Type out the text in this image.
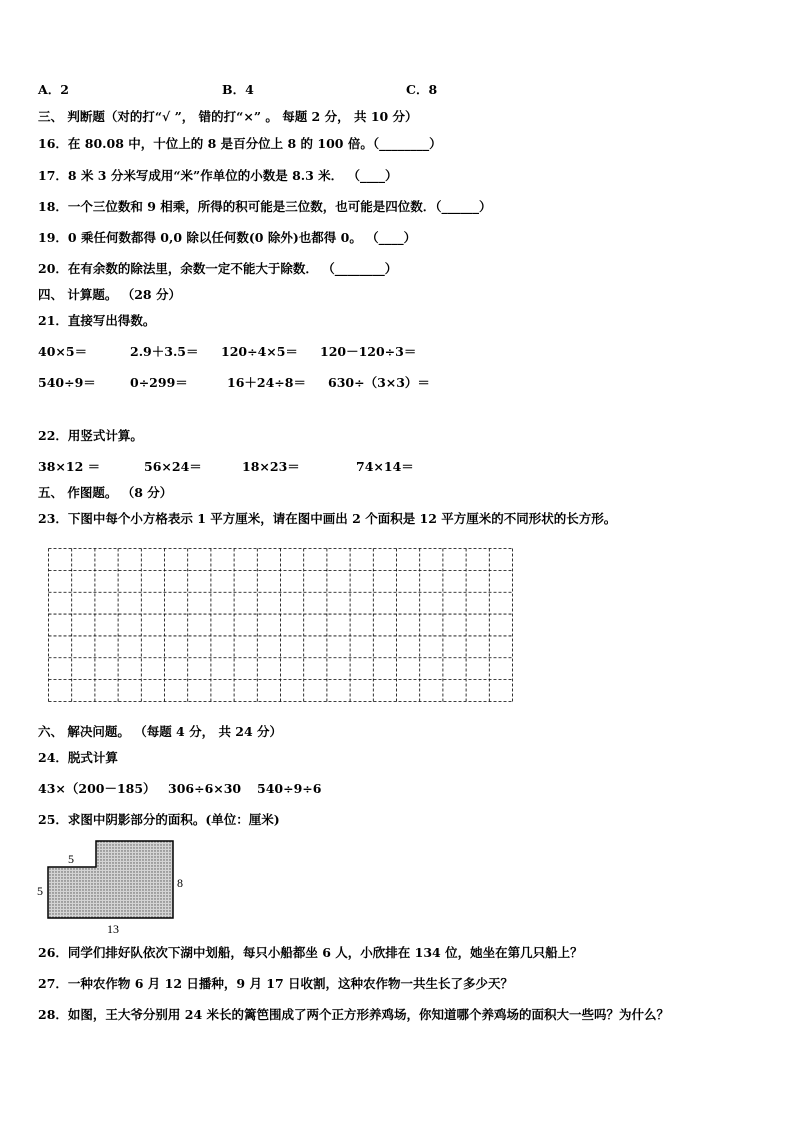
A．2	B．4	C．8
三、 判断题（对的打“√ ”， 错的打“×” 。 每题 2 分， 共 10 分）
16．在 80.08 中，十位上的 8 是百分位上 8 的 100 倍。（________）
17．8 米 3 分米写成用“米”作单位的小数是 8.3 米． （____）
18．一个三位数和 9 相乘，所得的积可能是三位数，也可能是四位数．（______）
19．0 乘任何数都得 0,0 除以任何数(0 除外)也都得 0。 （____）
20．在有余数的除法里，余数一定不能大于除数． （________）
四、 计算题。 （28 分）
21．直接写出得数。
40×5＝	2.9＋3.5＝ 120÷4×5＝ 120－120÷3＝
540÷9＝	0÷299＝	16＋24÷8＝ 630÷（3×3）＝
22．用竖式计算。
38×12 ＝	56×24＝	18×23＝	74×14＝
五、 作图题。 （8 分）
23．下图中每个小方格表示 1 平方厘米，请在图中画出 2 个面积是 12 平方厘米的不同形状的长方形。
六、 解决问题。 （每题 4 分， 共 24 分）
24．脱式计算
43×（200－185） 306÷6×30 540÷9÷6
25．求图中阴影部分的面积。(单位：厘米)
5
5
8
13
26．同学们排好队依次下湖中划船，每只小船都坐 6 人，小欣排在 134 位，她坐在第几只船上？
27．一种农作物 6 月 12 日播种，9 月 17 日收割，这种农作物一共生长了多少天？
28．如图，王大爷分别用 24 米长的篱笆围成了两个正方形养鸡场，你知道哪个养鸡场的面积大一些吗？为什么？
